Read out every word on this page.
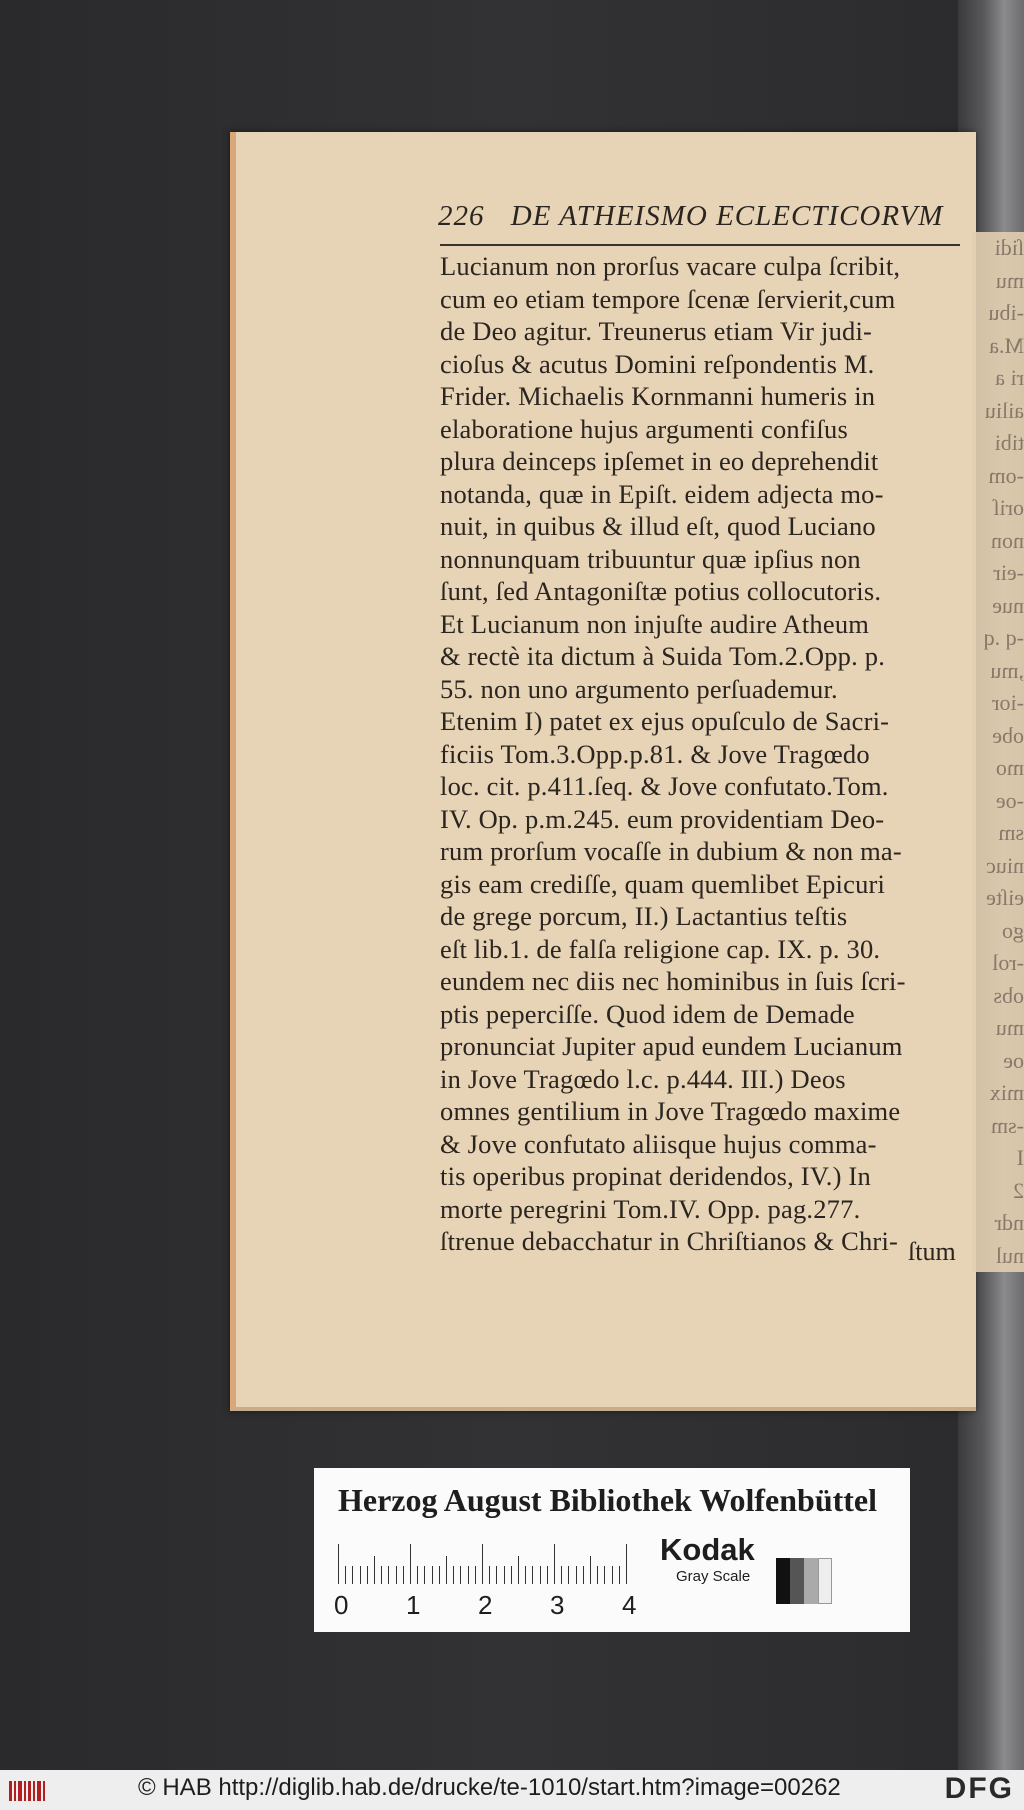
ſidi
mu
-ibu
M.a
ri a
ailiu
tibi
-om
oriſ
non
-eir
nue
-q .q
,mu
-ior
obe
mo
-oe
sm
niuc
eiſte
go
-rol
obs
mu
oe
mix
-sm
I
2
ndr
nul
226 DE ATHEISMO ECLECTICORVM
Lucianum non prorſus vacare culpa ſcribit,
cum eo etiam tempore ſcenæ ſervierit,cum
de Deo agitur. Treunerus etiam Vir judi-
cioſus & acutus Domini reſpondentis M.
Frider. Michaelis Kornmanni humeris in
elaboratione hujus argumenti confiſus
plura deinceps ipſemet in eo deprehendit
notanda, quæ in Epiſt. eidem adjecta mo-
nuit, in quibus & illud eſt, quod Luciano
nonnunquam tribuuntur quæ ipſius non
ſunt, ſed Antagoniſtæ potius collocutoris.
Et Lucianum non injuſte audire Atheum
& rectè ita dictum à Suida Tom.2.Opp. p.
55. non uno argumento perſuademur.
Etenim I) patet ex ejus opuſculo de Sacri-
ficiis Tom.3.Opp.p.81. & Jove Tragœdo
loc. cit. p.411.ſeq. & Jove confutato.Tom.
IV. Op. p.m.245. eum providentiam Deo-
rum prorſum vocaſſe in dubium & non ma-
gis eam crediſſe, quam quemlibet Epicuri
de grege porcum, II.) Lactantius teſtis
eſt lib.1. de falſa religione cap. IX. p. 30.
eundem nec diis nec hominibus in ſuis ſcri-
ptis peperciſſe. Quod idem de Demade
pronunciat Jupiter apud eundem Lucianum
in Jove Tragœdo l.c. p.444. III.) Deos
omnes gentilium in Jove Tragœdo maxime
& Jove confutato aliisque hujus comma-
tis operibus propinat deridendos, IV.) In
morte peregrini Tom.IV. Opp. pag.277.
ſtrenue debacchatur in Chriſtianos & Chri- ſtum
Herzog August Bibliothek Wolfenbüttel
0 1 2 3 4
Kodak
Gray Scale
© HAB http://diglib.hab.de/drucke/te-1010/start.htm?image=00262	DFG
